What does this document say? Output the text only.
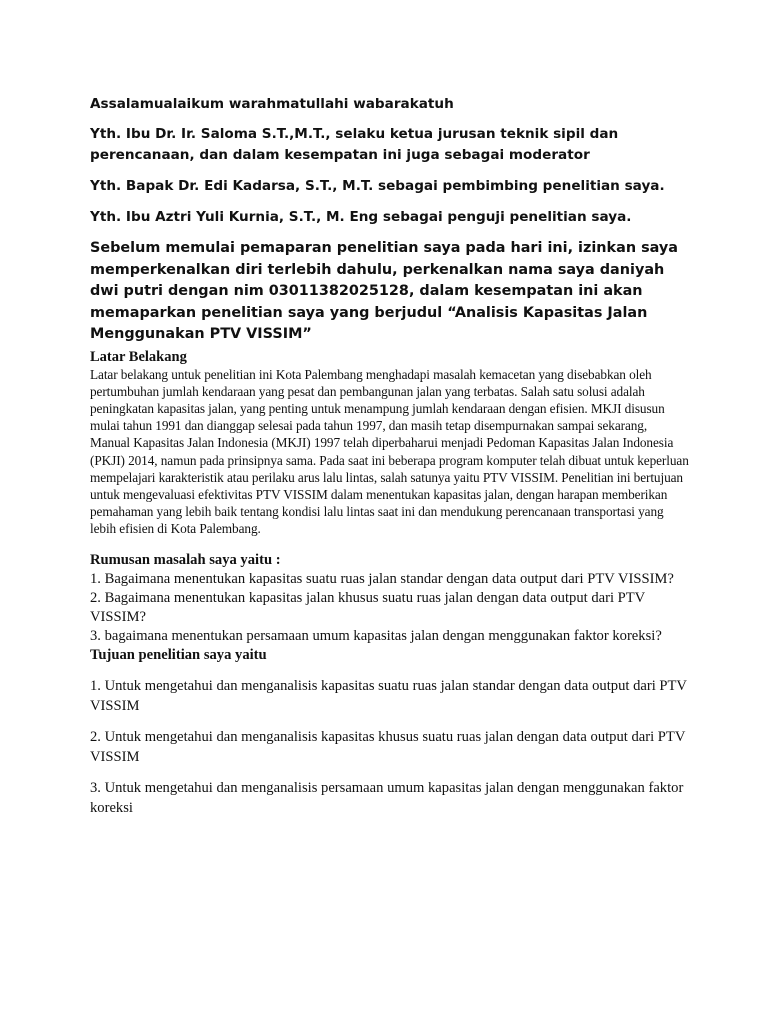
Assalamualaikum warahmatullahi wabarakatuh

Yth. Ibu Dr. Ir. Saloma S.T.,M.T., selaku ketua jurusan teknik sipil dan perencanaan, dan dalam kesempatan ini juga sebagai moderator

Yth. Bapak Dr. Edi Kadarsa, S.T., M.T. sebagai pembimbing penelitian saya.

Yth. Ibu Aztri Yuli Kurnia, S.T., M. Eng sebagai penguji penelitian saya.

Sebelum memulai pemaparan penelitian saya pada hari ini, izinkan saya memperkenalkan diri terlebih dahulu, perkenalkan nama saya daniyah dwi putri dengan nim 03011382025128, dalam kesempatan ini akan memaparkan penelitian saya yang berjudul “Analisis Kapasitas Jalan Menggunakan PTV VISSIM”

Latar Belakang

Latar belakang untuk penelitian ini Kota Palembang menghadapi masalah kemacetan yang disebabkan oleh pertumbuhan jumlah kendaraan yang pesat dan pembangunan jalan yang terbatas. Salah satu solusi adalah peningkatan kapasitas jalan, yang penting untuk menampung jumlah kendaraan dengan efisien. MKJI disusun mulai tahun 1991 dan dianggap selesai pada tahun 1997, dan masih tetap disempurnakan sampai sekarang, Manual Kapasitas Jalan Indonesia (MKJI) 1997 telah diperbaharui menjadi Pedoman Kapasitas Jalan Indonesia (PKJI) 2014, namun pada prinsipnya sama. Pada saat ini beberapa program komputer telah dibuat untuk keperluan mempelajari karakteristik atau perilaku arus lalu lintas, salah satunya yaitu PTV VISSIM. Penelitian ini bertujuan untuk mengevaluasi efektivitas PTV VISSIM dalam menentukan kapasitas jalan, dengan harapan memberikan pemahaman yang lebih baik tentang kondisi lalu lintas saat ini dan mendukung perencanaan transportasi yang lebih efisien di Kota Palembang.

Rumusan masalah saya yaitu :

1. Bagaimana menentukan kapasitas suatu ruas jalan standar dengan data output dari PTV VISSIM?

2. Bagaimana menentukan kapasitas jalan khusus suatu ruas jalan dengan data output dari PTV VISSIM?

3. bagaimana menentukan persamaan umum kapasitas jalan dengan menggunakan faktor koreksi?

Tujuan penelitian saya yaitu

1. Untuk mengetahui dan menganalisis kapasitas suatu ruas jalan standar dengan data output dari PTV VISSIM

2. Untuk mengetahui dan menganalisis kapasitas khusus suatu ruas jalan dengan data output dari PTV VISSIM

3. Untuk mengetahui dan menganalisis persamaan umum kapasitas jalan dengan menggunakan faktor koreksi
